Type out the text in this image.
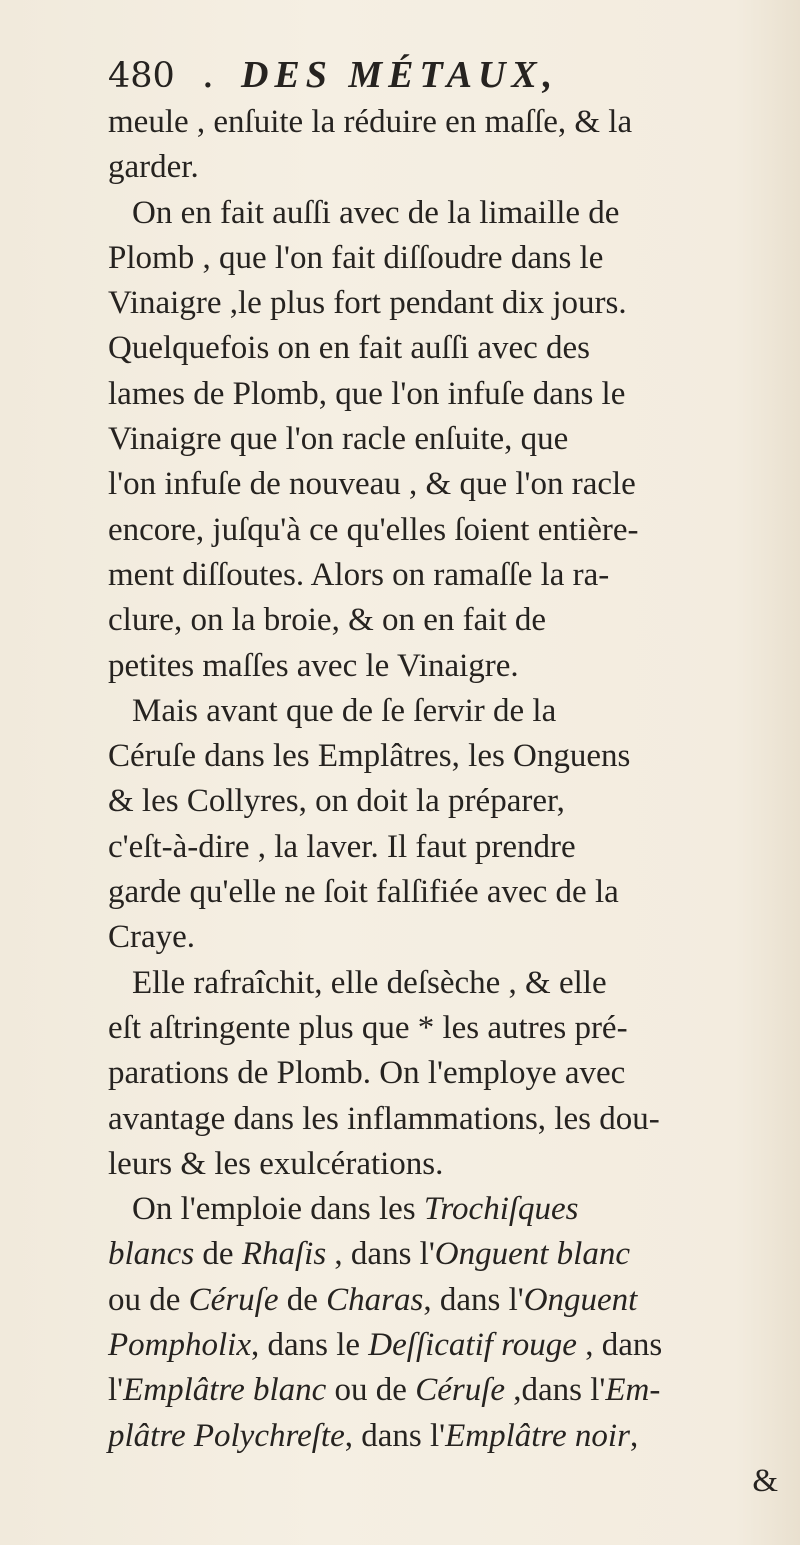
480 . DES MÉTAUX,
meule , enſuite la réduire en maſſe, & la
garder.
On en fait auſſi avec de la limaille de
Plomb , que l'on fait diſſoudre dans le
Vinaigre ,le plus fort pendant dix jours.
Quelquefois on en fait auſſi avec des
lames de Plomb, que l'on infuſe dans le
Vinaigre que l'on racle enſuite, que
l'on infuſe de nouveau , & que l'on racle
encore, juſqu'à ce qu'elles ſoient entière-
ment diſſoutes. Alors on ramaſſe la ra-
clure, on la broie, & on en fait de
petites maſſes avec le Vinaigre.
Mais avant que de ſe ſervir de la
Céruſe dans les Emplâtres, les Onguens
& les Collyres, on doit la préparer,
c'eſt-à-dire , la laver. Il faut prendre
garde qu'elle ne ſoit falſifiée avec de la
Craye.
Elle rafraîchit, elle deſsèche , & elle
eſt aſtringente plus que * les autres pré-
parations de Plomb. On l'employe avec
avantage dans les inflammations, les dou-
leurs & les exulcérations.
On l'emploie dans les Trochiſques
blancs de Rhaſis , dans l'Onguent blanc
ou de Céruſe de Charas, dans l'Onguent
Pompholix, dans le Deſſicatif rouge , dans
l'Emplâtre blanc ou de Céruſe ,dans l'Em-
plâtre Polychreſte, dans l'Emplâtre noir,
&
